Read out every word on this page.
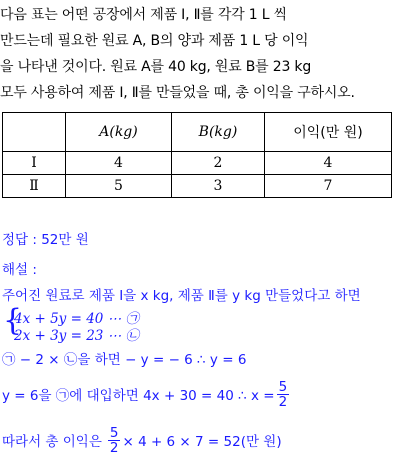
다음 표는 어떤 공장에서 제품 Ⅰ, Ⅱ를 각각 1 L 씩
만드는데 필요한 원료 A, B의 양과 제품 1 L 당 이익
을 나타낸 것이다. 원료 A를 40 kg, 원료 B를 23 kg
모두 사용하여 제품 Ⅰ, Ⅱ를 만들었을 때, 총 이익을 구하시오.
	A(kg)	B(kg)	이익(만 원)
Ⅰ	4	2	4
Ⅱ	5	3	7
정답 : 52만 원
해설 :
주어진 원료로 제품 Ⅰ을 x kg, 제품 Ⅱ를 y kg 만들었다고 하면
{
4x + 5y = 40 ⋯ ㉠
2x + 3y = 23 ⋯ ㉡
㉠ − 2 × ㉡을 하면 − y = − 6 ∴ y = 6
y = 6을 ㉠에 대입하면 4x + 30 = 40 ∴ $x = \frac{5}{2}$
따라서 총 이익은 $\frac{5}{2} \times 4 + 6 \times 7 = 52$(만 원)
